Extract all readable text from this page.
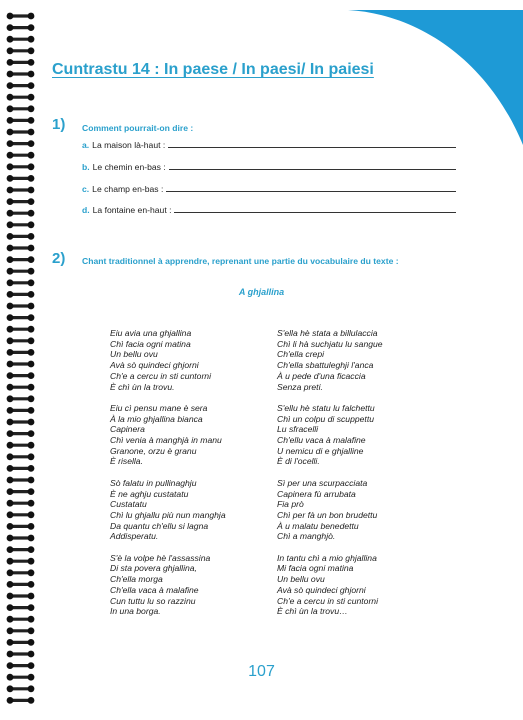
Cuntrastu 14 : In paese / In paesi/ In paiesi
1) Comment pourrait-on dire :
a. La maison là-haut :
b. Le chemin en-bas :
c. Le champ en-bas :
d. La fontaine en-haut :
2) Chant traditionnel à apprendre, reprenant une partie du vocabulaire du texte :
A ghjallina
Eiu avia una ghjallina
Chì facia ogni matina
Un bellu ovu
Avà sò quindeci ghjorni
Ch'e a cercu in sti cuntorni
È chì ùn la trovu.
Eiu cì pensu mane è sera
À la mio ghjallina bianca
Capinera
Chì venia à manghjà in manu
Granone, orzu è granu
È risella.
Sò falatu in pullinaghju
È ne aghju custatatu
Custatatu
Chì lu ghjallu più nun manghja
Da quantu ch'ellu si lagna
Addisperatu.
S'è la volpe hè l'assassina
Di sta povera ghjallina,
Ch'ella morga
Ch'ella vaca à malafine
Cun tuttu lu so razzinu
In una borga.
S'ella hè stata a billulaccia
Chì li hà suchjatu lu sangue
Ch'ella crepi
Ch'ella sbattuleghji l'anca
À u pede d'una ficaccia
Senza preti.
S'ellu hè statu lu falchettu
Chì un colpu di scuppettu
Lu sfracelli
Ch'ellu vaca à malafine
U nemicu di e ghjalline
È di l'ocelli.
Sì per una scurpacciata
Capinera fù arrubata
Fia prò
Chì per fà un bon brudettu
À u malatu benedettu
Chì a manghjò.
In tantu chì a mio ghjallina
Mi facia ogni matina
Un bellu ovu
Avà sò quindeci ghjorni
Ch'e a cercu in sti cuntorni
È chì ùn la trovu…
107
